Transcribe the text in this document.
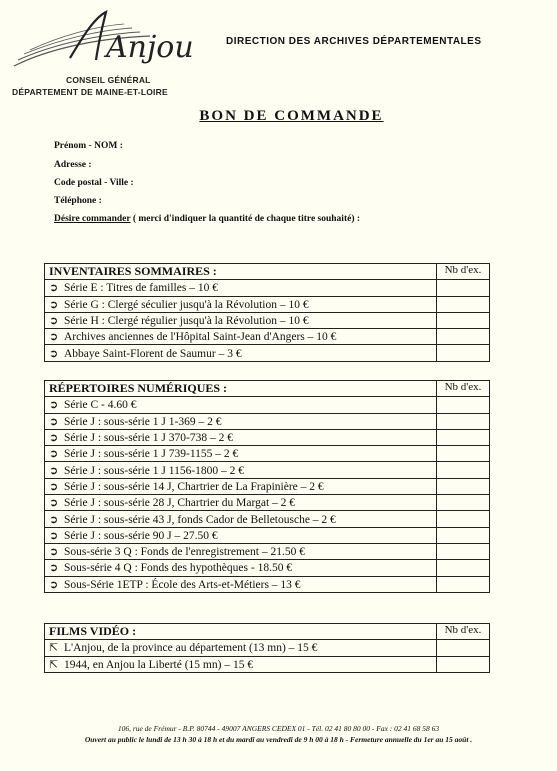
Anjou
CONSEIL GÉNÉRAL
DÉPARTEMENT DE MAINE-ET-LOIRE
DIRECTION DES ARCHIVES DÉPARTEMENTALES
BON DE COMMANDE
Prénom - NOM :
Adresse :
Code postal - Ville :
Téléphone :
Désire commander ( merci d'indiquer la quantité de chaque titre souhaité) :
INVENTAIRES SOMMAIRES :	Nb d'ex.
➲ Série E : Titres de familles – 10 €	
➲ Série G : Clergé séculier jusqu'à la Révolution – 10 €	
➲ Série H : Clergé régulier jusqu'à la Révolution – 10 €	
➲ Archives anciennes de l'Hôpital Saint-Jean d'Angers – 10 €	
➲ Abbaye Saint-Florent de Saumur – 3 €	
RÉPERTOIRES NUMÉRIQUES :	Nb d'ex.
➲ Série C - 4.60 €	
➲ Série J : sous-série 1 J 1-369 – 2 €	
➲ Série J : sous-série 1 J 370-738 – 2 €	
➲ Série J : sous-série 1 J 739-1155 – 2 €	
➲ Série J : sous-série 1 J 1156-1800 – 2 €	
➲ Série J : sous-série 14 J, Chartrier de La Frapinière – 2 €	
➲ Série J : sous-série 28 J, Chartrier du Margat – 2 €	
➲ Série J : sous-série 43 J, fonds Cador de Belletousche – 2 €	
➲ Série J : sous-série 90 J – 27.50 €	
➲ Sous-série 3 Q : Fonds de l'enregistrement – 21.50 €	
➲ Sous-série 4 Q : Fonds des hypothèques - 18.50 €	
➲ Sous-Série 1ETP : École des Arts-et-Métiers – 13 €	
FILMS VIDÉO :	Nb d'ex.
⇱ L'Anjou, de la province au département (13 mn) – 15 €	
⇱ 1944, en Anjou la Liberté (15 mn) – 15 €	
106, rue de Frémur - B.P. 80744 - 49007 ANGERS CEDEX 01 - Tél. 02 41 80 80 00 - Fax : 02 41 68 58 63
Ouvert au public le lundi de 13 h 30 à 18 h et du mardi au vendredi de 9 h 00 à 18 h - Fermeture annuelle du 1er au 15 août .
